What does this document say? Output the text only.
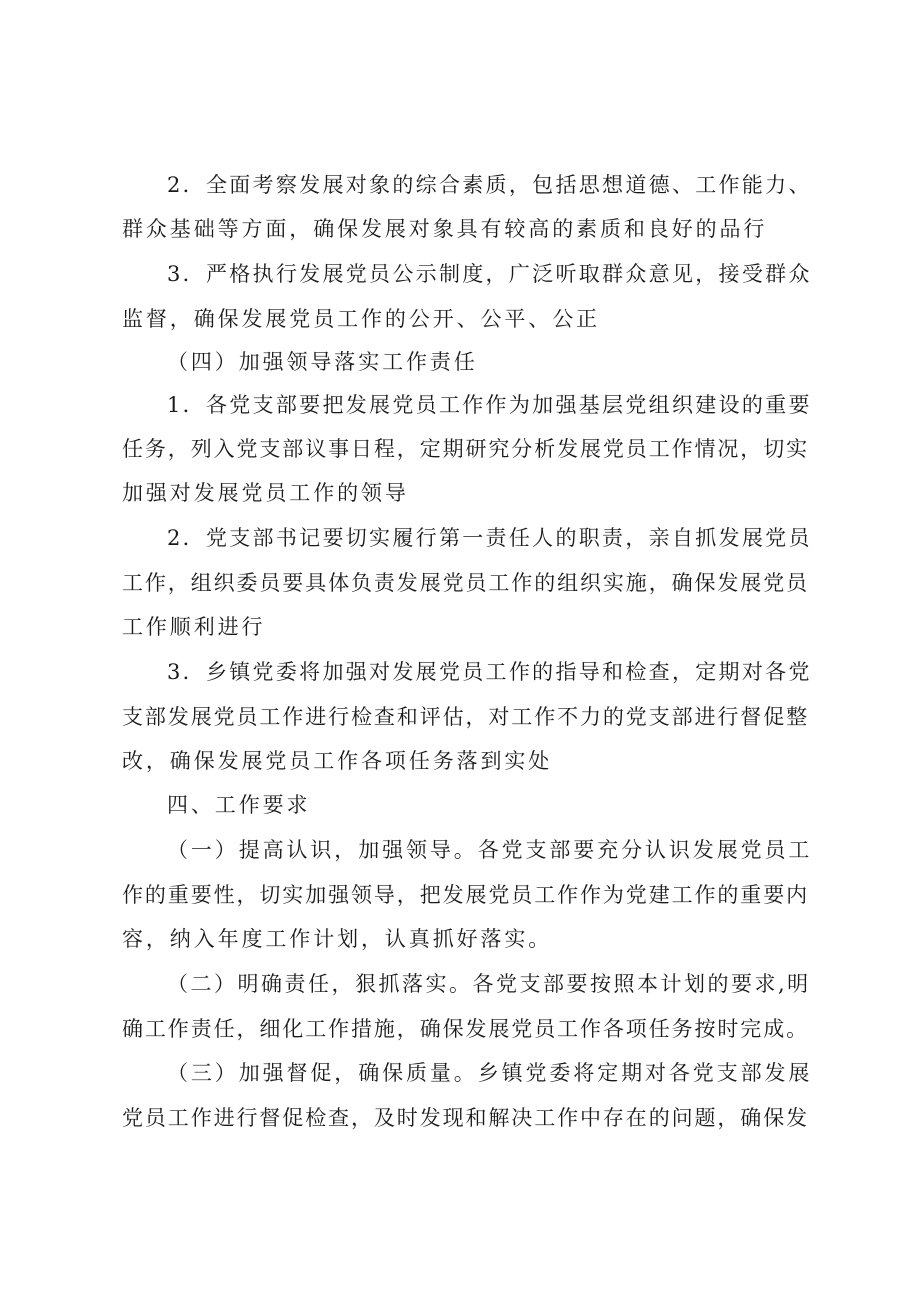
2．全面考察发展对象的综合素质，包括思想道德、工作能力、
群众基础等方面，确保发展对象具有较高的素质和良好的品行
3．严格执行发展党员公示制度，广泛听取群众意见，接受群众
监督，确保发展党员工作的公开、公平、公正
（四）加强领导落实工作责任
1．各党支部要把发展党员工作作为加强基层党组织建设的重要
任务，列入党支部议事日程，定期研究分析发展党员工作情况，切实
加强对发展党员工作的领导
2．党支部书记要切实履行第一责任人的职责，亲自抓发展党员
工作，组织委员要具体负责发展党员工作的组织实施，确保发展党员
工作顺利进行
3．乡镇党委将加强对发展党员工作的指导和检查，定期对各党
支部发展党员工作进行检查和评估，对工作不力的党支部进行督促整
改，确保发展党员工作各项任务落到实处
四、工作要求
（一）提高认识，加强领导。各党支部要充分认识发展党员工
作的重要性，切实加强领导，把发展党员工作作为党建工作的重要内
容，纳入年度工作计划，认真抓好落实。
（二）明确责任，狠抓落实。各党支部要按照本计划的要求,明
确工作责任，细化工作措施，确保发展党员工作各项任务按时完成。
（三）加强督促，确保质量。乡镇党委将定期对各党支部发展
党员工作进行督促检查，及时发现和解决工作中存在的问题，确保发
